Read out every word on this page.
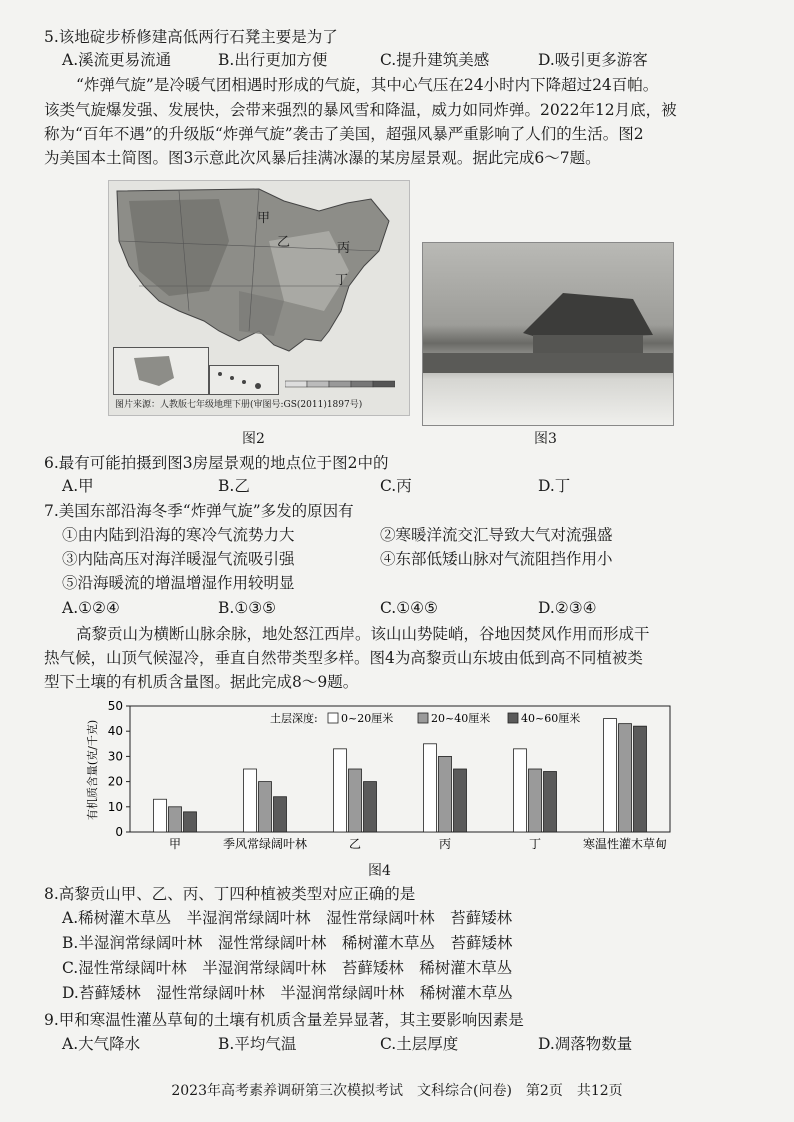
5.该地碇步桥修建高低两行石凳主要是为了
A.溪流更易流通	B.出行更加方便	C.提升建筑美感	D.吸引更多游客
“炸弹气旋”是冷暖气团相遇时形成的气旋，其中心气压在24小时内下降超过24百帕。
该类气旋爆发强、发展快，会带来强烈的暴风雪和降温，威力如同炸弹。2022年12月底，被
称为“百年不遇”的升级版“炸弹气旋”袭击了美国，超强风暴严重影响了人们的生活。图2
为美国本土简图。图3示意此次风暴后挂满冰瀑的某房屋景观。据此完成6～7题。
甲
乙	丙
丁
图片来源：人教版七年级地理下册(审图号:GS(2011)1897号)
图2	图3
6.最有可能拍摄到图3房屋景观的地点位于图2中的
A.甲	B.乙	C.丙	D.丁
7.美国东部沿海冬季“炸弹气旋”多发的原因有
①由内陆到沿海的寒冷气流势力大	②寒暖洋流交汇导致大气对流强盛
③内陆高压对海洋暖湿气流吸引强	④东部低矮山脉对气流阻挡作用小
⑤沿海暖流的增温增湿作用较明显
A.①②④	B.①③⑤	C.①④⑤	D.②③④
高黎贡山为横断山脉余脉，地处怒江西岸。该山山势陡峭，谷地因焚风作用而形成干
热气候，山顶气候湿冷，垂直自然带类型多样。图4为高黎贡山东坡由低到高不同植被类
型下土壤的有机质含量图。据此完成8～9题。
有机质含量(克/千克)
0
10
20
30
40
50
甲	季风常绿阔叶林	乙	丙	丁	寒温性灌木草甸
土层深度: 0~20厘米	20~40厘米	40~60厘米
图4
8.高黎贡山甲、乙、丙、丁四种植被类型对应正确的是
A.稀树灌木草丛　半湿润常绿阔叶林　湿性常绿阔叶林　苔藓矮林
B.半湿润常绿阔叶林　湿性常绿阔叶林　稀树灌木草丛　苔藓矮林
C.湿性常绿阔叶林　半湿润常绿阔叶林　苔藓矮林　稀树灌木草丛
D.苔藓矮林　湿性常绿阔叶林　半湿润常绿阔叶林　稀树灌木草丛
9.甲和寒温性灌丛草甸的土壤有机质含量差异显著，其主要影响因素是
A.大气降水	B.平均气温	C.土层厚度	D.凋落物数量
2023年高考素养调研第三次模拟考试　文科综合(问卷)　第2页　共12页
